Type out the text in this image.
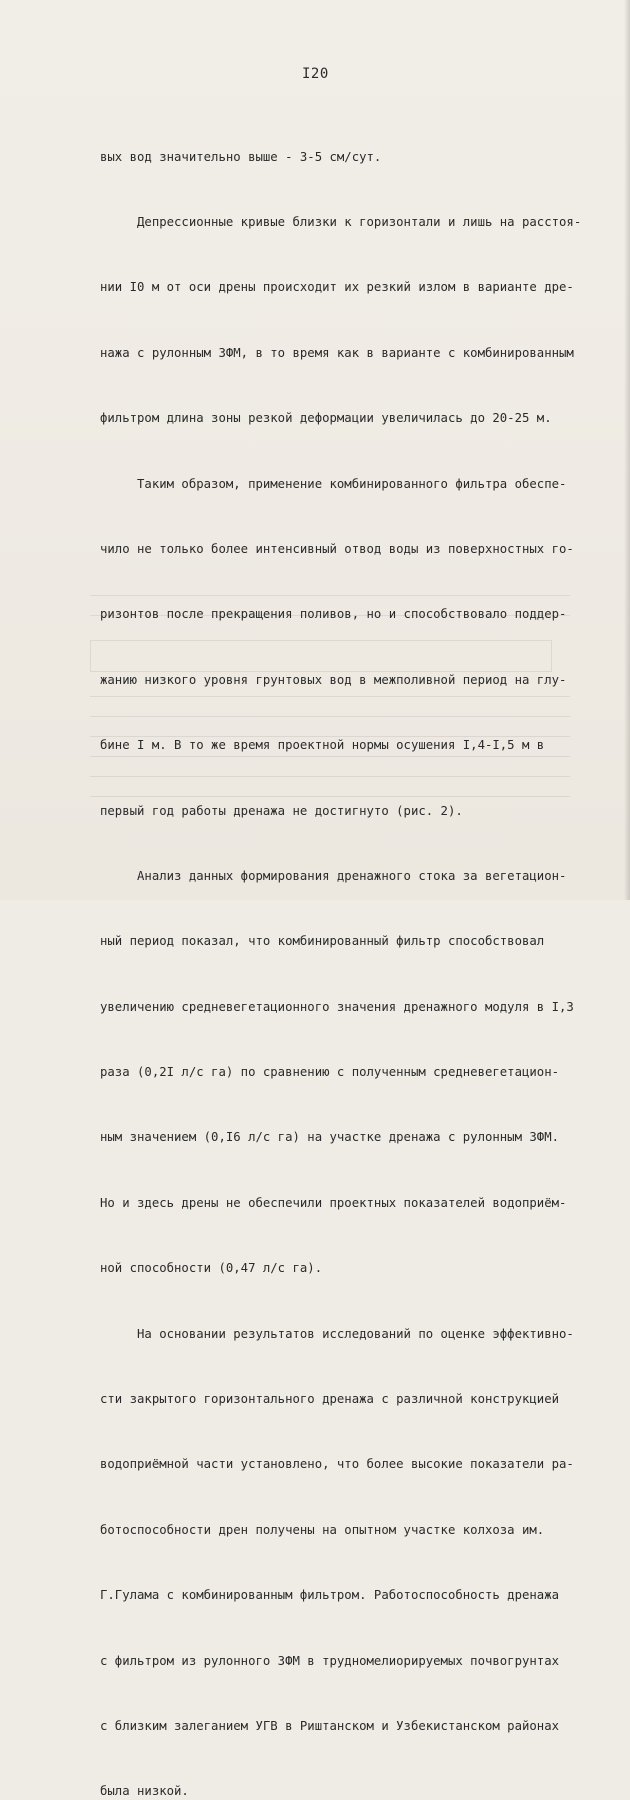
I20

вых вод значительно выше - 3-5 см/сут.

Депрессионные кривые близки к горизонтали и лишь на расстоя-

нии I0 м от оси дрены происходит их резкий излом в варианте дре-

нажа с рулонным ЗФМ, в то время как в варианте с комбинированным

фильтром длина зоны резкой деформации увеличилась до 20-25 м.

Таким образом, применение комбинированного фильтра обеспе-

чило не только более интенсивный отвод воды из поверхностных го-

ризонтов после прекращения поливов, но и способствовало поддер-

жанию низкого уровня грунтовых вод в межполивной период на глу-

бине I м. В то же время проектной нормы осушения I,4-I,5 м в

первый год работы дренажа не достигнуто (рис. 2).

Анализ данных формирования дренажного стока за вегетацион-

ный период показал, что комбинированный фильтр способствовал

увеличению средневегетационного значения дренажного модуля в I,3

раза (0,2I л/с га) по сравнению с полученным средневегетацион-

ным значением (0,I6 л/с га) на участке дренажа с рулонным ЗФМ.

Но и здесь дрены не обеспечили проектных показателей водоприём-

ной способности (0,47 л/с га).

На основании результатов исследований по оценке эффективно-

сти закрытого горизонтального дренажа с различной конструкцией

водоприёмной части установлено, что более высокие показатели ра-

ботоспособности дрен получены на опытном участке колхоза им.

Г.Гулама с комбинированным фильтром. Работоспособность дренажа

с фильтром из рулонного ЗФМ в трудномелиорируемых почвогрунтах

с близким залеганием УГВ в Риштанском и Узбекистанском районах

была низкой.
